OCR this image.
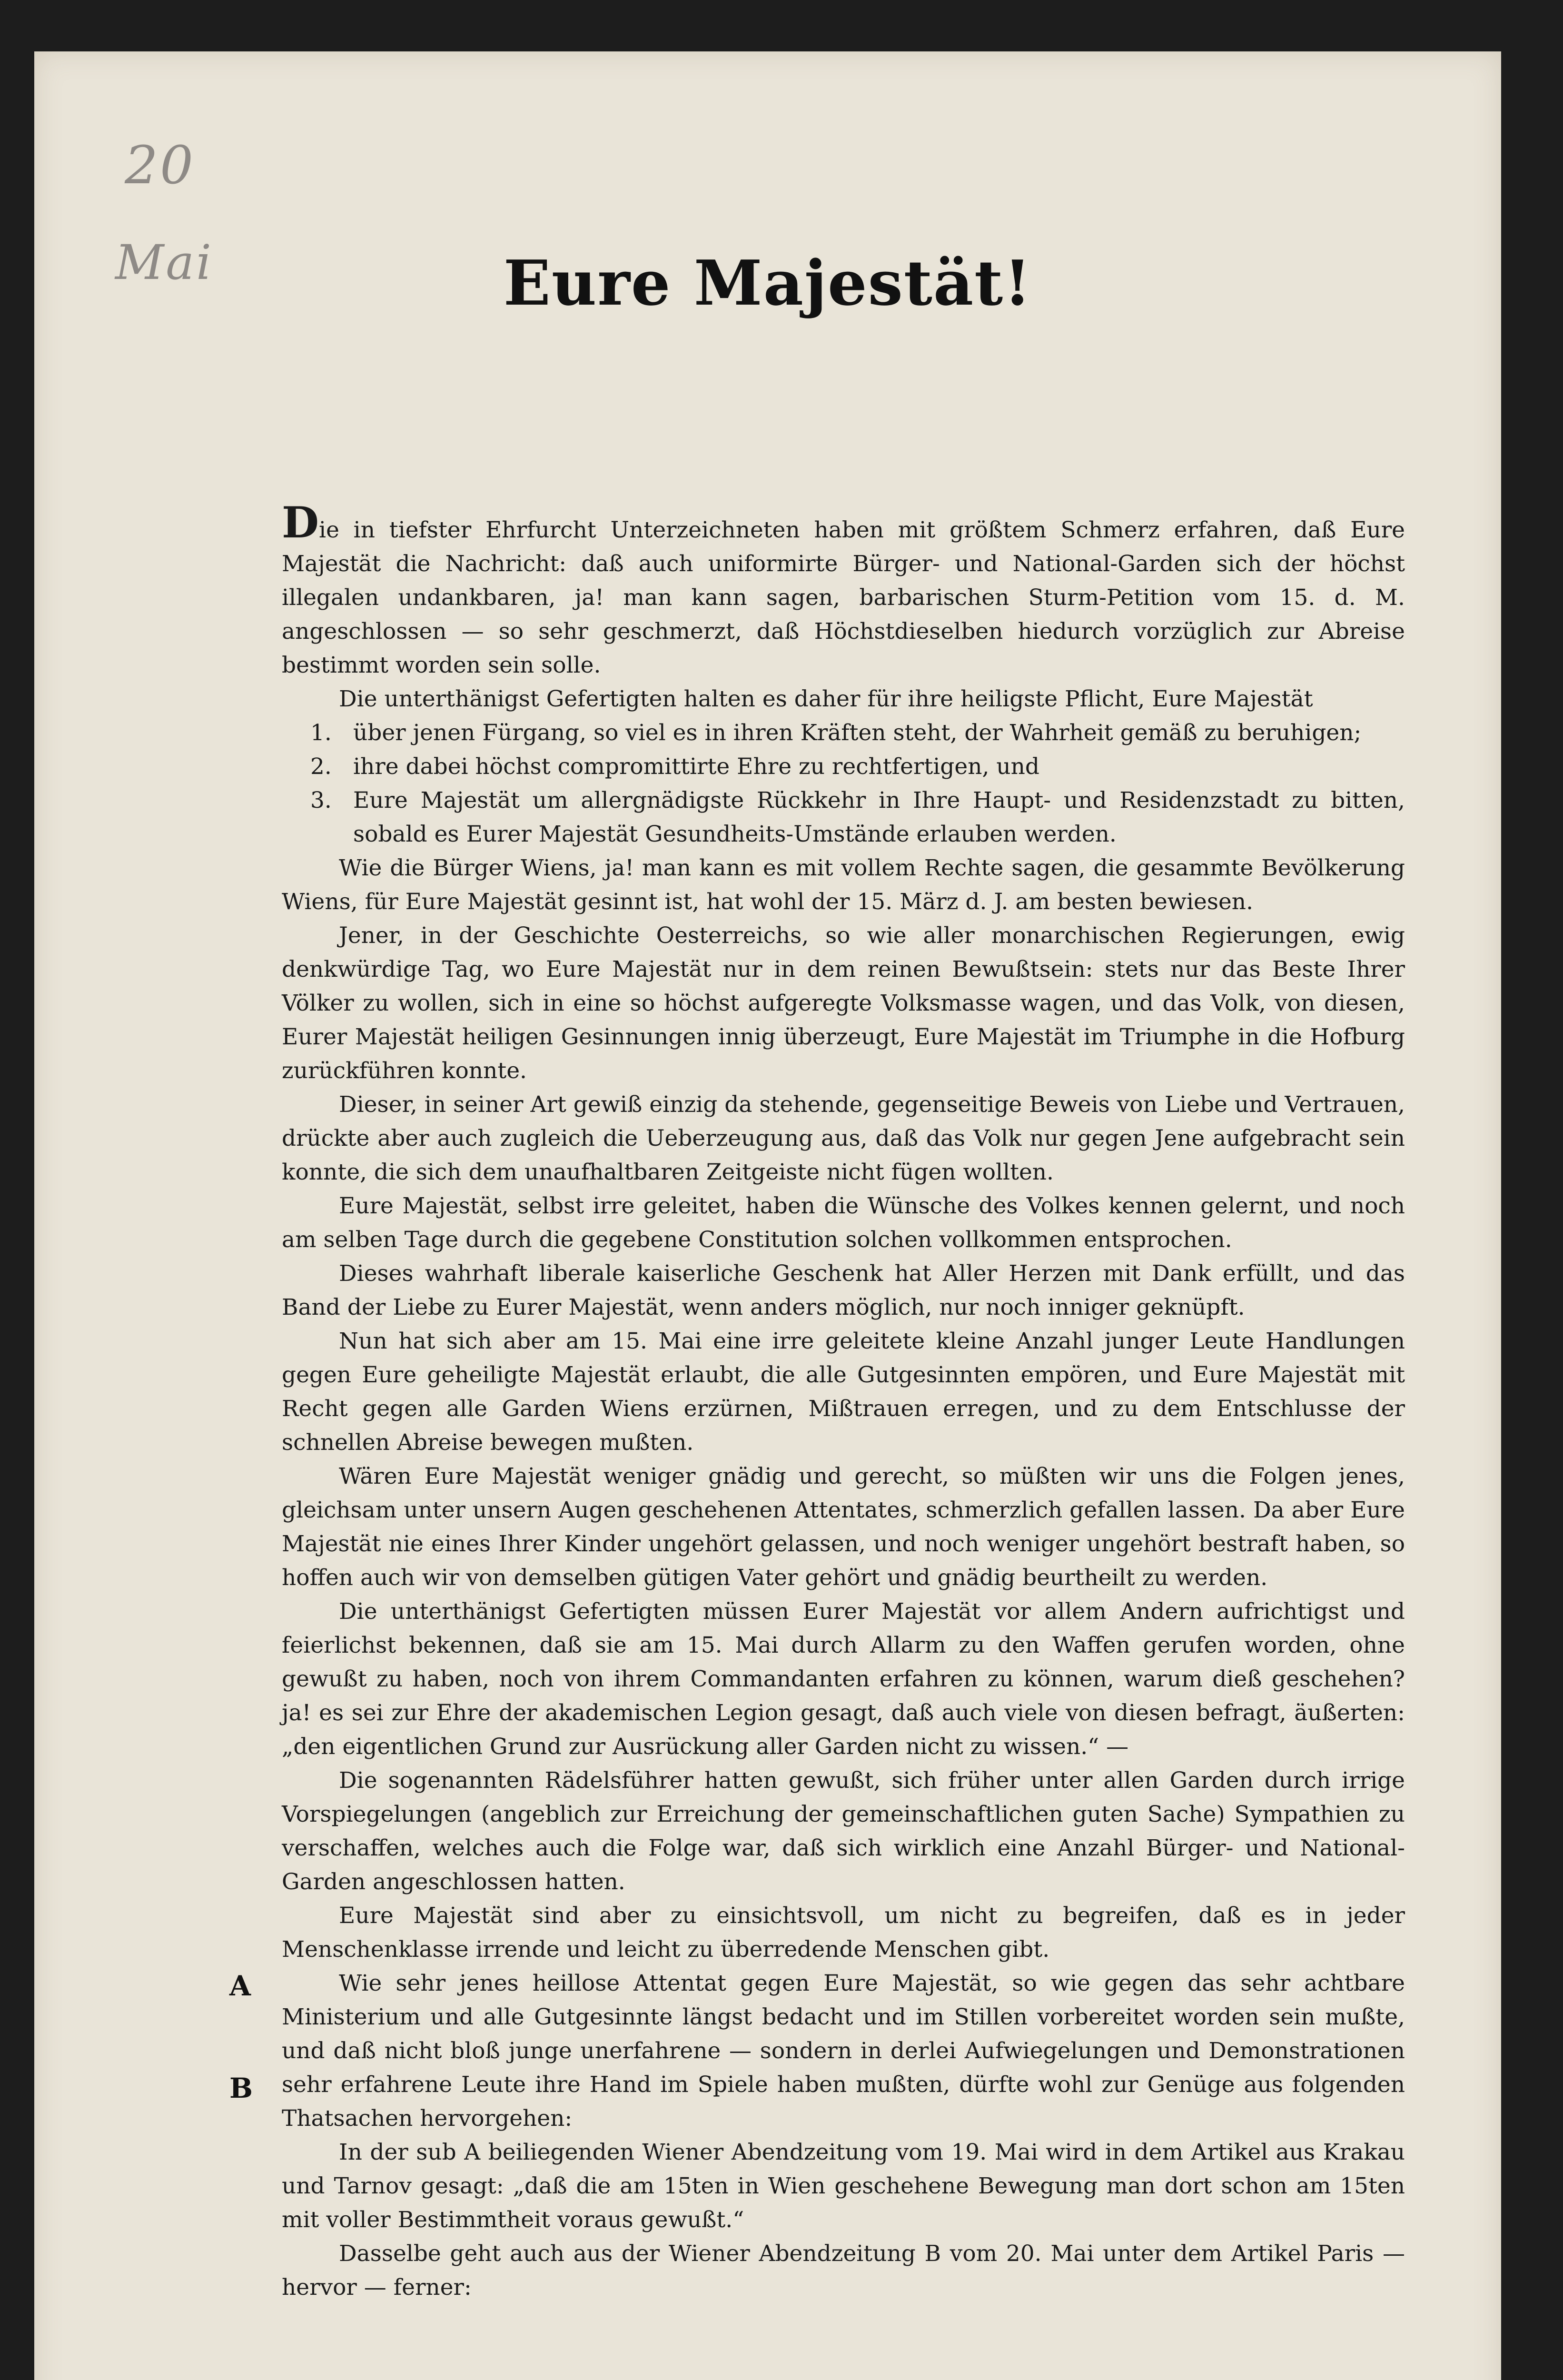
20
Mai	Eure Majestät!
A
B

Die in tiefster Ehrfurcht Unterzeichneten haben mit größtem Schmerz erfahren, daß Eure Majestät die Nachricht: daß auch uniformirte Bürger- und National-Garden sich der höchst illegalen undankbaren, ja! man kann sagen, barbarischen Sturm-Petition vom 15. d. M. angeschlossen — so sehr geschmerzt, daß Höchstdieselben hiedurch vorzüglich zur Abreise bestimmt worden sein solle.

Die unterthänigst Gefertigten halten es daher für ihre heiligste Pflicht, Eure Majestät

1. über jenen Fürgang, so viel es in ihren Kräften steht, der Wahrheit gemäß zu beruhigen;
2. ihre dabei höchst compromittirte Ehre zu rechtfertigen, und
3. Eure Majestät um allergnädigste Rückkehr in Ihre Haupt- und Residenzstadt zu bitten, sobald es Eurer Majestät Gesundheits-Umstände erlauben werden.

Wie die Bürger Wiens, ja! man kann es mit vollem Rechte sagen, die gesammte Bevölkerung Wiens, für Eure Majestät gesinnt ist, hat wohl der 15. März d. J. am besten bewiesen.

Jener, in der Geschichte Oesterreichs, so wie aller monarchischen Regierungen, ewig denkwürdige Tag, wo Eure Majestät nur in dem reinen Bewußtsein: stets nur das Beste Ihrer Völker zu wollen, sich in eine so höchst aufgeregte Volksmasse wagen, und das Volk, von diesen, Eurer Majestät heiligen Gesinnungen innig überzeugt, Eure Majestät im Triumphe in die Hofburg zurückführen konnte.

Dieser, in seiner Art gewiß einzig da stehende, gegenseitige Beweis von Liebe und Vertrauen, drückte aber auch zugleich die Ueberzeugung aus, daß das Volk nur gegen Jene aufgebracht sein konnte, die sich dem unaufhaltbaren Zeitgeiste nicht fügen wollten.

Eure Majestät, selbst irre geleitet, haben die Wünsche des Volkes kennen gelernt, und noch am selben Tage durch die gegebene Constitution solchen vollkommen entsprochen.

Dieses wahrhaft liberale kaiserliche Geschenk hat Aller Herzen mit Dank erfüllt, und das Band der Liebe zu Eurer Majestät, wenn anders möglich, nur noch inniger geknüpft.

Nun hat sich aber am 15. Mai eine irre geleitete kleine Anzahl junger Leute Handlungen gegen Eure geheiligte Majestät erlaubt, die alle Gutgesinnten empören, und Eure Majestät mit Recht gegen alle Garden Wiens erzürnen, Mißtrauen erregen, und zu dem Entschlusse der schnellen Abreise bewegen mußten.

Wären Eure Majestät weniger gnädig und gerecht, so müßten wir uns die Folgen jenes, gleichsam unter unsern Augen geschehenen Attentates, schmerzlich gefallen lassen. Da aber Eure Majestät nie eines Ihrer Kinder ungehört gelassen, und noch weniger ungehört bestraft haben, so hoffen auch wir von demselben gütigen Vater gehört und gnädig beurtheilt zu werden.

Die unterthänigst Gefertigten müssen Eurer Majestät vor allem Andern aufrichtigst und feierlichst bekennen, daß sie am 15. Mai durch Allarm zu den Waffen gerufen worden, ohne gewußt zu haben, noch von ihrem Commandanten erfahren zu können, warum dieß geschehen? ja! es sei zur Ehre der akademischen Legion gesagt, daß auch viele von diesen befragt, äußerten: „den eigentlichen Grund zur Ausrückung aller Garden nicht zu wissen.“ —

Die sogenannten Rädelsführer hatten gewußt, sich früher unter allen Garden durch irrige Vorspiegelungen (angeblich zur Erreichung der gemeinschaftlichen guten Sache) Sympathien zu verschaffen, welches auch die Folge war, daß sich wirklich eine Anzahl Bürger- und National-Garden angeschlossen hatten.

Eure Majestät sind aber zu einsichtsvoll, um nicht zu begreifen, daß es in jeder Menschenklasse irrende und leicht zu überredende Menschen gibt.

Wie sehr jenes heillose Attentat gegen Eure Majestät, so wie gegen das sehr achtbare Ministerium und alle Gutgesinnte längst bedacht und im Stillen vorbereitet worden sein mußte, und daß nicht bloß junge unerfahrene — sondern in derlei Aufwiegelungen und Demonstrationen sehr erfahrene Leute ihre Hand im Spiele haben mußten, dürfte wohl zur Genüge aus folgenden Thatsachen hervorgehen:

In der sub A beiliegenden Wiener Abendzeitung vom 19. Mai wird in dem Artikel aus Krakau und Tarnov gesagt: „daß die am 15ten in Wien geschehene Bewegung man dort schon am 15ten mit voller Bestimmtheit voraus gewußt.“

Dasselbe geht auch aus der Wiener Abendzeitung B vom 20. Mai unter dem Artikel Paris — hervor — ferner:
